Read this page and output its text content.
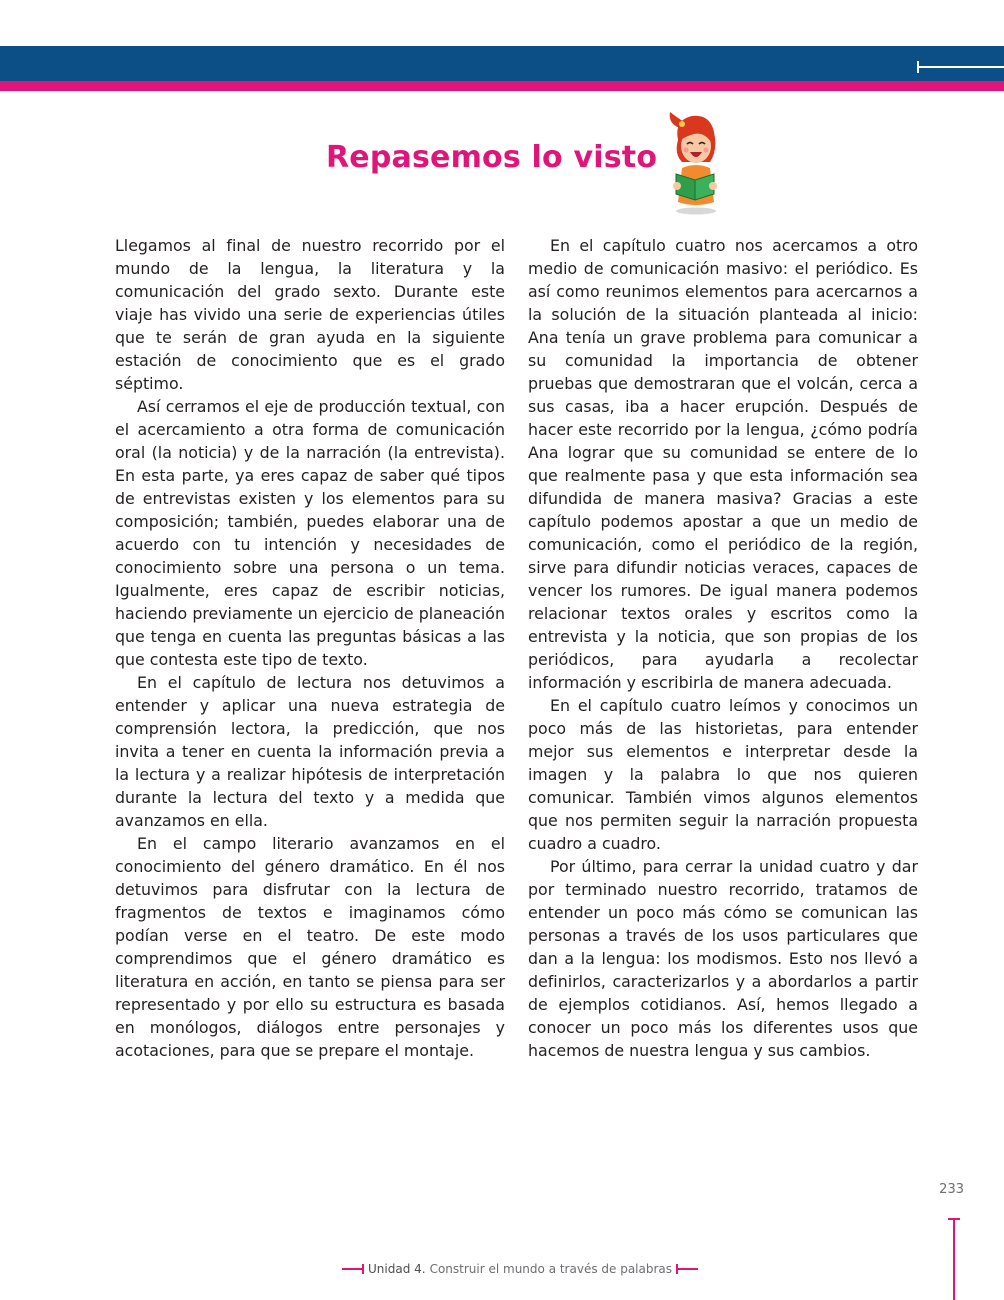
Repasemos lo visto

Llegamos al final de nuestro recorrido por el mundo de la lengua, la literatura y la comunicación del grado sexto. Durante este viaje has vivido una serie de experiencias útiles que te serán de gran ayuda en la siguiente estación de conocimiento que es el grado séptimo.

Así cerramos el eje de producción textual, con el acercamiento a otra forma de comunicación oral (la noticia) y de la narración (la entrevista). En esta parte, ya eres capaz de saber qué tipos de entrevistas existen y los elementos para su composición; también, puedes elaborar una de acuerdo con tu intención y necesidades de conocimiento sobre una persona o un tema. Igualmente, eres capaz de escribir noticias, haciendo previamente un ejercicio de planeación que tenga en cuenta las preguntas básicas a las que contesta este tipo de texto.

En el capítulo de lectura nos detuvimos a entender y aplicar una nueva estrategia de comprensión lectora, la predicción, que nos invita a tener en cuenta la información previa a la lectura y a realizar hipótesis de interpretación durante la lectura del texto y a medida que avanzamos en ella.

En el campo literario avanzamos en el conocimiento del género dramático. En él nos detuvimos para disfrutar con la lectura de fragmentos de textos e imaginamos cómo podían verse en el teatro. De este modo comprendimos que el género dramático es literatura en acción, en tanto se piensa para ser representado y por ello su estructura es basada en monólogos, diálogos entre personajes y acotaciones, para que se prepare el montaje.

En el capítulo cuatro nos acercamos a otro medio de comunicación masivo: el periódico. Es así como reunimos elementos para acercarnos a la solución de la situación planteada al inicio: Ana tenía un grave problema para comunicar a su comunidad la importancia de obtener pruebas que demostraran que el volcán, cerca a sus casas, iba a hacer erupción. Después de hacer este recorrido por la lengua, ¿cómo podría Ana lograr que su comunidad se entere de lo que realmente pasa y que esta información sea difundida de manera masiva? Gracias a este capítulo podemos apostar a que un medio de comunicación, como el periódico de la región, sirve para difundir noticias veraces, capaces de vencer los rumores. De igual manera podemos relacionar textos orales y escritos como la entrevista y la noticia, que son propias de los periódicos, para ayudarla a recolectar información y escribirla de manera adecuada.

En el capítulo cuatro leímos y conocimos un poco más de las historietas, para entender mejor sus elementos e interpretar desde la imagen y la palabra lo que nos quieren comunicar. También vimos algunos elementos que nos permiten seguir la narración propuesta cuadro a cuadro.

Por último, para cerrar la unidad cuatro y dar por terminado nuestro recorrido, tratamos de entender un poco más cómo se comunican las personas a través de los usos particulares que dan a la lengua: los modismos. Esto nos llevó a definirlos, caracterizarlos y a abordarlos a partir de ejemplos cotidianos. Así, hemos llegado a conocer un poco más los diferentes usos que hacemos de nuestra lengua y sus cambios.

233
Unidad 4. Construir el mundo a través de palabras
